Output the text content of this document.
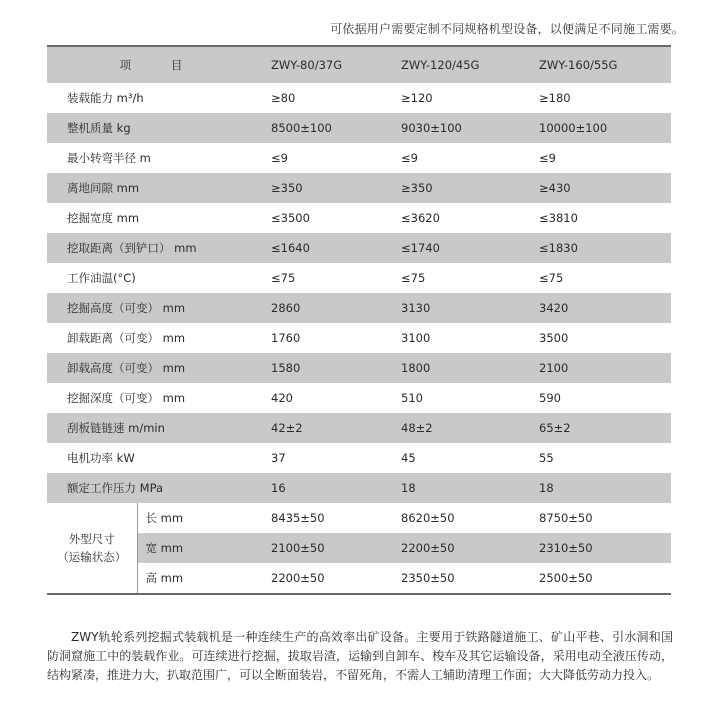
可依据用户需要定制不同规格机型设备，以便满足不同施工需要。
项 目		ZWY-80/37G	ZWY-120/45G	ZWY-160/55G
装载能力 m³/h		≥80	≥120	≥180
整机质量 kg		8500±100	9030±100	10000±100
最小转弯半径 m		≤9	≤9	≤9
离地间隙 mm		≥350	≥350	≥430
挖掘宽度 mm		≤3500	≤3620	≤3810
挖取距离（到铲口） mm		≤1640	≤1740	≤1830
工作油温(°C)		≤75	≤75	≤75
挖掘高度（可变） mm		2860	3130	3420
卸载距离（可变） mm		1760	3100	3500
卸载高度（可变） mm		1580	1800	2100
挖掘深度（可变） mm		420	510	590
刮板链链速 m/min		42±2	48±2	65±2
电机功率 kW		37	45	55
额定工作压力 MPa		16	18	18

外型尺寸
（运输状态）	长 mm	8435±50	8620±50	8750±50
	宽 mm	2100±50	2200±50	2310±50
	高 mm	2200±50	2350±50	2500±50

ZWY轨轮系列挖掘式装载机是一种连续生产的高效率出矿设备。主要用于铁路隧道施工、矿山平巷、引水洞和国防洞窟施工中的装载作业。可连续进行挖掘，拔取岩渣，运输到自卸车、梭车及其它运输设备，采用电动全液压传动，结构紧凑，推进力大，扒取范围广，可以全断面装岩，不留死角，不需人工辅助清理工作面；大大降低劳动力投入。
